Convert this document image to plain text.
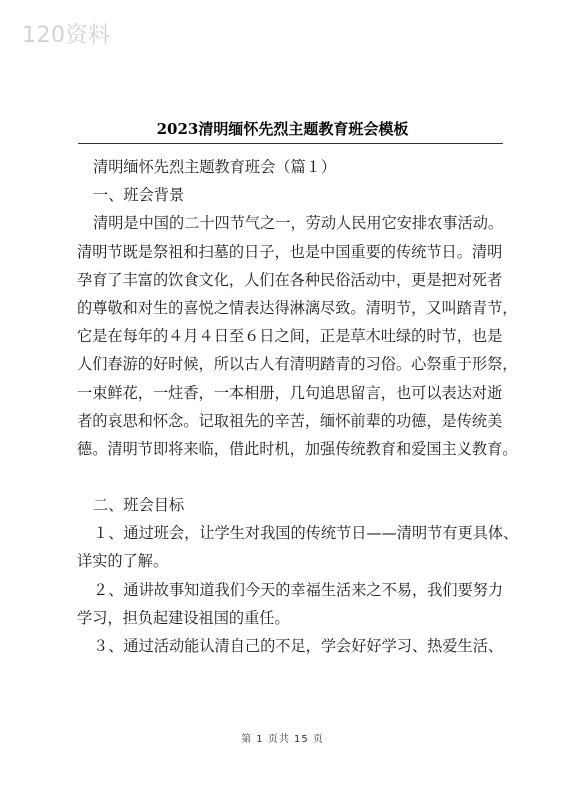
120资料
2023清明缅怀先烈主题教育班会模板
清明缅怀先烈主题教育班会（篇１）
一、班会背景
清明是中国的二十四节气之一，劳动人民用它安排农事活动。
清明节既是祭祖和扫墓的日子，也是中国重要的传统节日。清明
孕育了丰富的饮食文化，人们在各种民俗活动中，更是把对死者
的尊敬和对生的喜悦之情表达得淋漓尽致。清明节，又叫踏青节，
它是在每年的４月４日至６日之间，正是草木吐绿的时节，也是
人们春游的好时候，所以古人有清明踏青的习俗。心祭重于形祭，
一束鲜花，一炷香，一本相册，几句追思留言，也可以表达对逝
者的哀思和怀念。记取祖先的辛苦，缅怀前辈的功德，是传统美
德。清明节即将来临，借此时机，加强传统教育和爱国主义教育。
二、班会目标
１、通过班会，让学生对我国的传统节日——清明节有更具体、
详实的了解。
２、通讲故事知道我们今天的幸福生活来之不易，我们要努力
学习，担负起建设祖国的重任。
３、通过活动能认清自己的不足，学会好好学习、热爱生活、
第 1 页共 15 页
